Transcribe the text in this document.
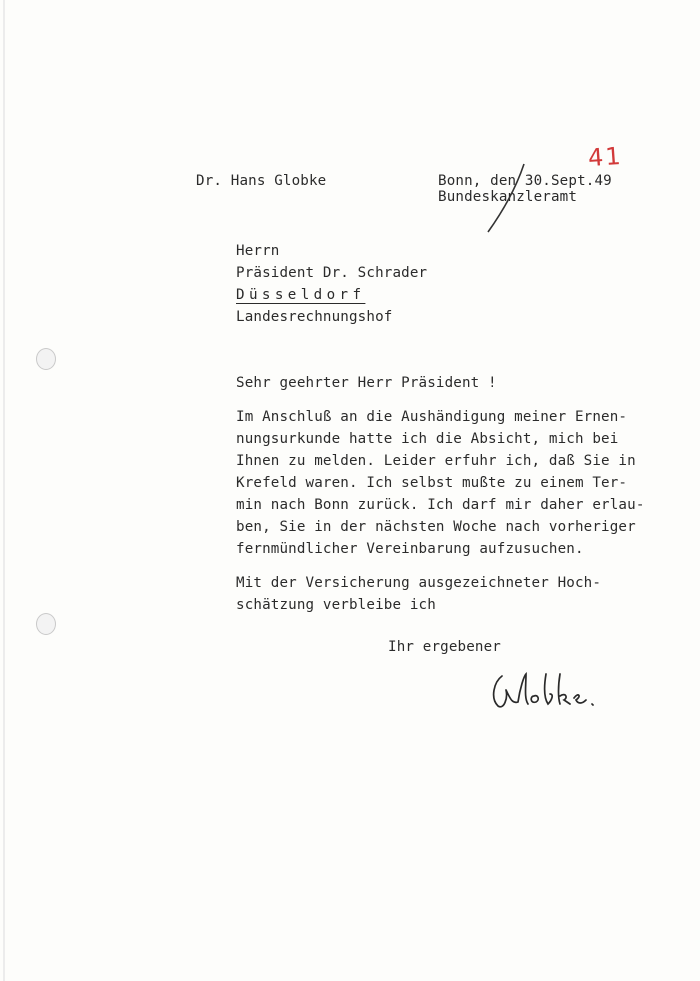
41
Dr. Hans Globke	Bonn, den 30.Sept.49
Bundeskanzleramt
Herrn
Präsident Dr. Schrader
Düsseldorf
Landesrechnungshof
Sehr geehrter Herr Präsident !
Im Anschluß an die Aushändigung meiner Ernen-
nungsurkunde hatte ich die Absicht, mich bei
Ihnen zu melden. Leider erfuhr ich, daß Sie in
Krefeld waren. Ich selbst mußte zu einem Ter-
min nach Bonn zurück. Ich darf mir daher erlau-
ben, Sie in der nächsten Woche nach vorheriger
fernmündlicher Vereinbarung aufzusuchen.
Mit der Versicherung ausgezeichneter Hoch-
schätzung verbleibe ich
Ihr ergebener
